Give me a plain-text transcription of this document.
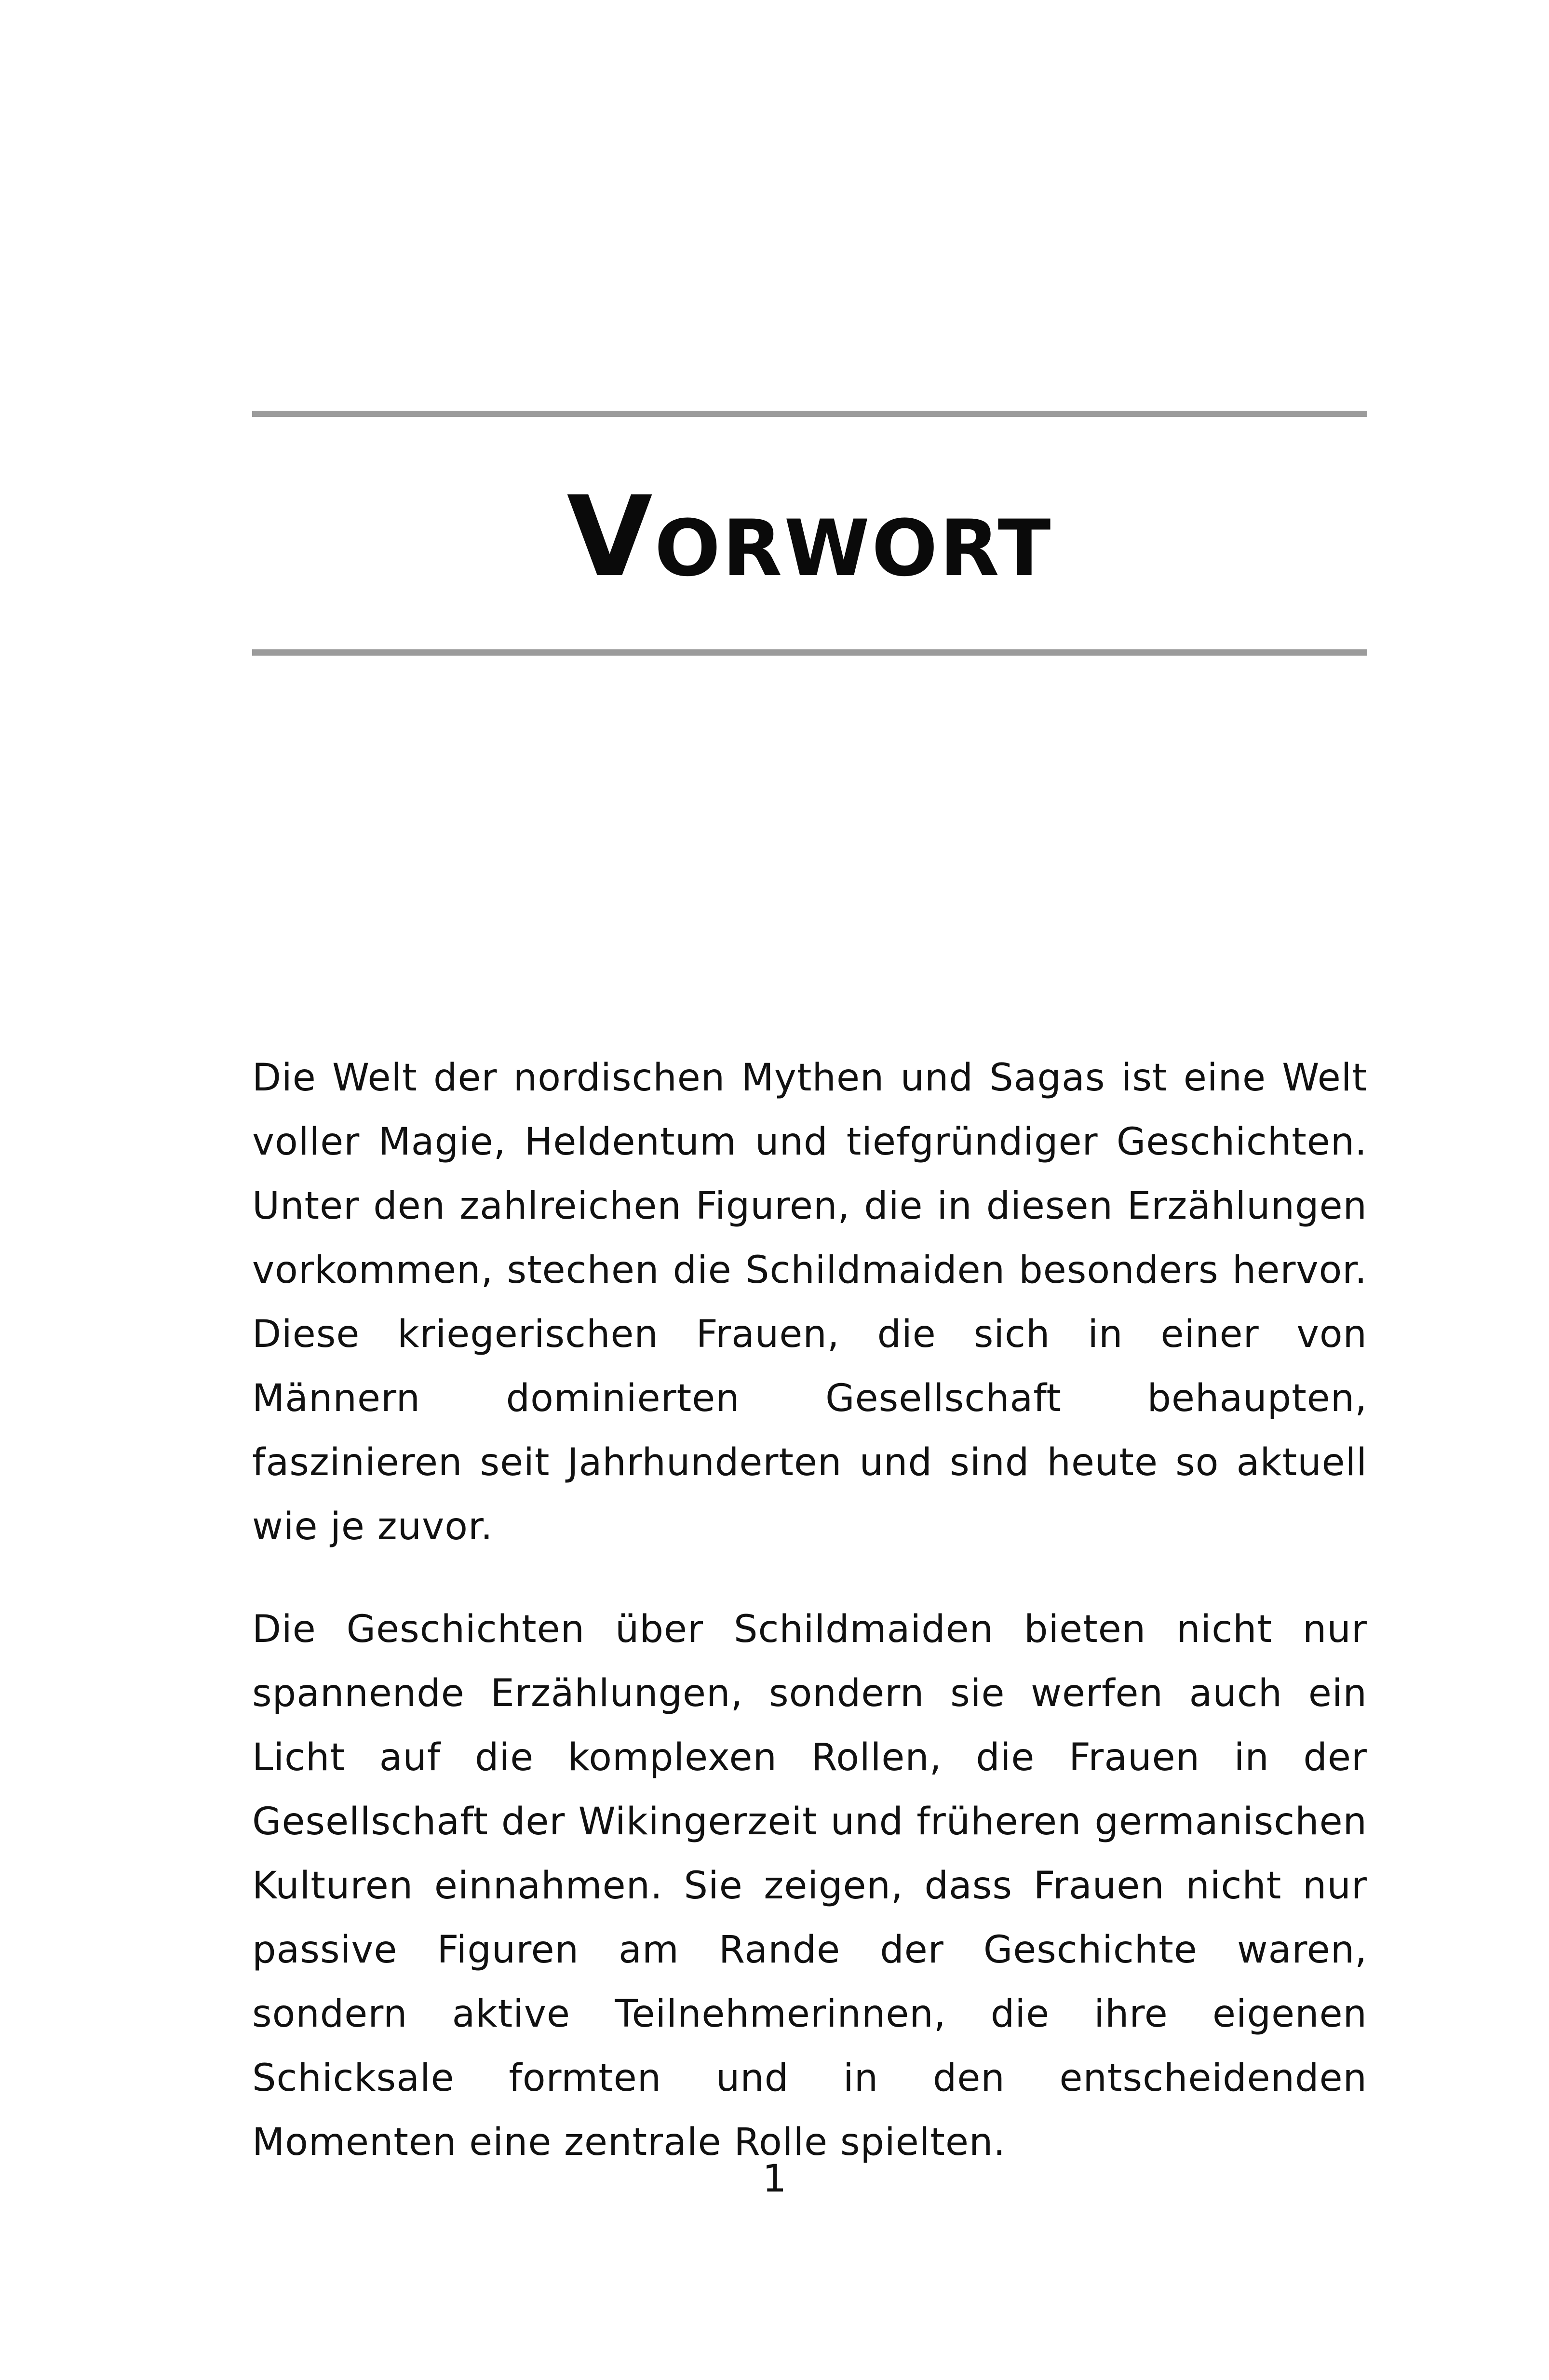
Vorwort

Die Welt der nordischen Mythen und Sagas ist eine Welt voller Magie, Heldentum und tiefgründiger Geschichten. Unter den zahlreichen Figuren, die in diesen Erzählungen vorkommen, stechen die Schildmaiden besonders hervor. Diese kriegerischen Frauen, die sich in einer von Männern dominierten Gesellschaft behaupten, faszinieren seit Jahrhunderten und sind heute so aktuell wie je zuvor.

Die Geschichten über Schildmaiden bieten nicht nur spannende Erzählungen, sondern sie werfen auch ein Licht auf die komplexen Rollen, die Frauen in der Gesellschaft der Wikingerzeit und früheren germanischen Kulturen einnahmen. Sie zeigen, dass Frauen nicht nur passive Figuren am Rande der Geschichte waren, sondern aktive Teilnehmerinnen, die ihre eigenen Schicksale formten und in den entscheidenden Momenten eine zentrale Rolle spielten.

1
